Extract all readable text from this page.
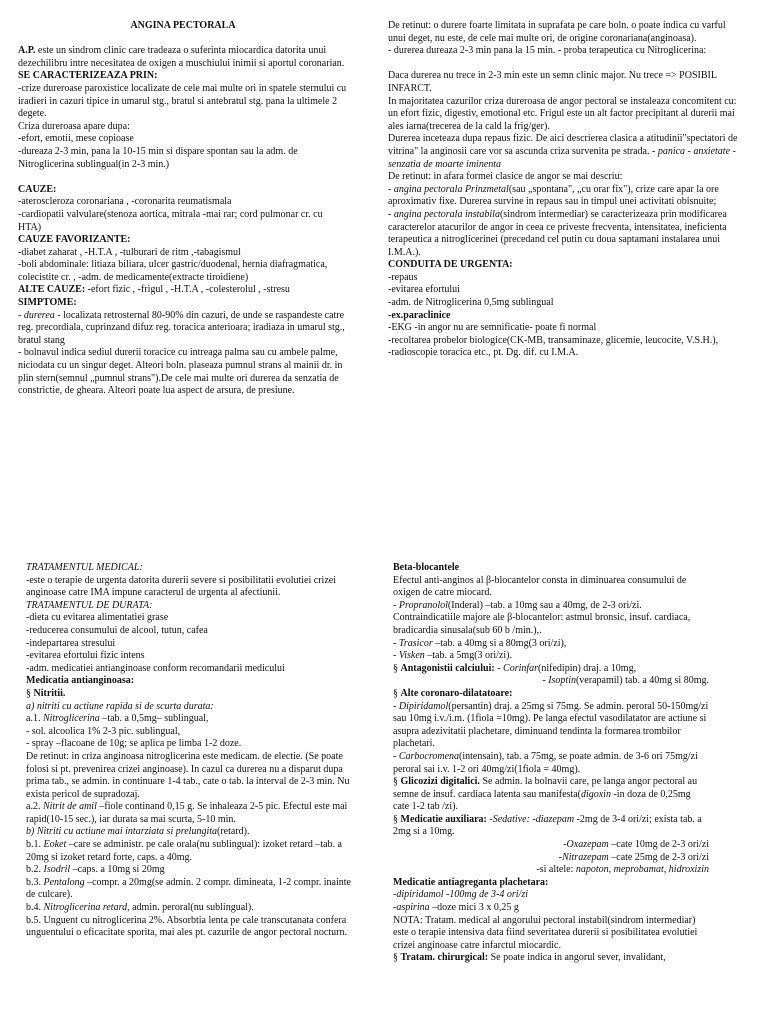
ANGINA PECTORALA
A.P. este un sindrom clinic care tradeaza o suferinta miocardica datorita unui dezechilibru intre necesitatea de oxigen a muschiului inimii si aportul coronarian.
SE CARACTERIZEAZA PRIN:
-crize dureroase paroxistice localizate de cele mai multe ori in spatele sternului cu iradieri in cazuri tipice in umarul stg., bratul si antebratul stg. pana la ultimele 2 degete.
Criza dureroasa apare dupa:
-efort, emotii, mese copioase
-dureaza 2-3 min, pana la 10-15 min si dispare spontan sau la adm. de Nitroglicerina sublingual(in 2-3 min.)
CAUZE:
-ateroscleroza coronariana , -coronarita reumatismala
-cardiopatii valvulare(stenoza aortica, mitrala -mai rar; cord pulmonar cr. cu HTA)
CAUZE FAVORIZANTE:
-diabet zaharat , -H.T.A , -tulburari de ritm ,-tabagismul
-boli abdominale: litiaza biliara, ulcer gastric/duodenal, hernia diafragmatica, colecistite cr. , -adm. de medicamente(extracte tiroidiene)
ALTE CAUZE: -efort fizic , -frigul , -H.T.A , -colesterolul , -stresu
SIMPTOME:
- durerea - localizata retrosternal 80-90% din cazuri, de unde se raspandeste catre reg. precordiala, cuprinzand difuz reg. toracica anterioara; iradiaza in umarul stg., bratul stang
- bolnavul indica sediul durerii toracice cu intreaga palma sau cu ambele palme, niciodata cu un singur deget. Alteori boln. plaseaza pumnul strans al mainii dr. in plin stern(semnul „pumnul strans").De cele mai multe ori durerea da senzatia de constrictie, de gheara. Alteori poate lua aspect de arsura, de presiune.
De retinut: o durere foarte limitata in suprafata pe care boln. o poate indica cu varful unui deget, nu este, de cele mai multe ori, de origine coronariana(anginoasa).
- durerea dureaza 2-3 min pana la 15 min. - proba terapeutica cu Nitroglicerina:
Daca durerea nu trece in 2-3 min este un semn clinic major. Nu trece => POSIBIL INFARCT.
In majoritatea cazurilor criza dureroasa de angor pectoral se instaleaza concomitent cu: un efort fizic, digestiv, emotional etc. Frigul este un alt factor precipitant al durerii mai ales iarna(trecerea de la cald la frig/ger).
Durerea inceteaza dupa repaus fizic. De aici descrierea clasica a atitudinii"spectatori de vitrina" la anginosii care vor sa ascunda criza survenita pe strada. - panica - anxietate - senzatia de moarte iminenta
De retinut: in afara formei clasice de angor se mai descriu:
- angina pectorala Prinzmetal(sau „spontana", „cu orar fix"), crize care apar la ore aproximativ fixe. Durerea survine in repaus sau in timpul unei activitati obisnuite;
- angina pectorala instabila(sindrom intermediar) se caracterizeaza prin modificarea caracterelor atacurilor de angor in ceea ce priveste frecventa, intensitatea, ineficienta terapeutica a nitroglicerinei (precedand cel putin cu doua saptamani instalarea unui I.M.A.).
CONDUITA DE URGENTA:
-repaus
-evitarea efortului
-adm. de Nitroglicerina 0,5mg sublingual
-ex.paraclinice
-EKG -in angor nu are semnificatie- poate fi normal
-recoltarea probelor biologice(CK-MB, transaminaze, glicemie, leucocite, V.S.H.),
-radioscopie toracica etc., pt. Dg. dif. cu I.M.A.
TRATAMENTUL MEDICAL:
-este o terapie de urgenta datorita durerii severe si posibilitatii evolutiei crizei anginoase catre IMA impune caracterul de urgenta al afectiunii.
TRATAMENTUL DE DURATA:
-dieta cu evitarea alimentatiei grase
-reducerea consumului de alcool, tutun, cafea
-indepartarea stresului
-evitarea efortului fizic intens
-adm. medicatiei antianginoase conform recomandarii medicului
Medicatia antianginoasa:
§ Nitritii.
a) nitriti cu actiune rapida si de scurta durata:
a.1. Nitroglicerina –tab. a 0,5mg– sublingual,
- sol. alcoolica 1% 2-3 pic. sublingual,
- spray –flacoane de 10g; se aplica pe limba 1-2 doze.
De retinut: in criza anginoasa nitroglicerina este medicam. de electie. (Se poate folosi si pt. prevenirea crizei anginoase). In cazul ca durerea nu a disparut dupa prima tab., se admin. in continuare 1-4 tab., cate o tab. la interval de 2-3 min. Nu exista pericol de supradozaj.
a.2. Nitrit de amil –fiole continand 0,15 g. Se inhaleaza 2-5 pic. Efectul este mai rapid(10-15 sec.), iar durata sa mai scurta, 5-10 min.
b) Nitriti cu actiune mai intarziata si prelungita(retard).
b.1. Eoket –care se administr. pe cale orala(nu sublingual): izoket retard –tab. a 20mg si izoket retard forte, caps. a 40mg.
b.2. Isodril –caps. a 10mg si 20mg
b.3. Pentalong –compr. a 20mg(se admin. 2 compr. dimineata, 1-2 compr. inainte de culcare).
b.4. Nitroglicerina retard, admin. peroral(nu sublingual).
b.5. Unguent cu nitroglicerina 2%. Absorbtia lenta pe cale transcutanata confera unguentului o eficacitate sporita, mai ales pt. cazurile de angor pectoral nocturn.
Beta-blocantele
Efectul anti-anginos al β-blocantelor consta in diminuarea consumului de oxigen de catre miocard.
- Propranolol(Inderal) –tab. a 10mg sau a 40mg, de 2-3 ori/zi.
Contraindicatiile majore ale β-blocantelor: astmul bronsic, insuf. cardiaca, bradicardia sinusala(sub 60 b /min.),.
- Trasicor –tab. a 40mg si a 80mg(3 ori/zi),
- Visken –tab. a 5mg(3 ori/zi).
§ Antagonistii calciului: - Corinfar(nifedipin) draj. a 10mg,
- Isoptin(verapamil) tab. a 40mg si 80mg.
§ Alte coronaro-dilatatoare:
- Dipiridamol(persantin) draj. a 25mg si 75mg. Se admin. peroral 50-150mg/zi sau 10mg i.v./i.m. (1fiola =10mg). Pe langa efectul vasodilatator are actiune si asupra adezivitatii plachetare, diminuand tendinta la formarea trombilor plachetari.
- Carbocromena(intensain), tab. a 75mg, se poate admin. de 3-6 ori 75mg/zi peroral sai i.v. 1-2 ori 40mg/zi(1fiola = 40mg).
§ Glicozizi digitalici. Se admin. la bolnavii care, pe langa angor pectoral au semne de insuf. cardiaca latenta sau manifesta(digoxin -in doza de 0,25mg cate 1-2 tab /zi).
§ Medicatie auxiliara: -Sedative: -diazepam -2mg de 3-4 ori/zi; exista tab. a 2mg si a 10mg.
-Oxazepam –cate 10mg de 2-3 ori/zi
-Nitrazepam –cate 25mg de 2-3 ori/zi
-si altele: napoton, meprobamat, hidroxizin
Medicatie antiagreganta plachetara:
-dipiridamol -100mg de 3-4 ori/zi
-aspirina –doze mici 3 x 0,25 g
NOTA: Tratam. medical al angorului pectoral instabil(sindrom intermediar) este o terapie intensiva data fiind severitatea durerii si posibilitatea evolutiei crizei anginoase catre infarctul miocardic.
§ Tratam. chirurgical: Se poate indica in angorul sever, invalidant,
